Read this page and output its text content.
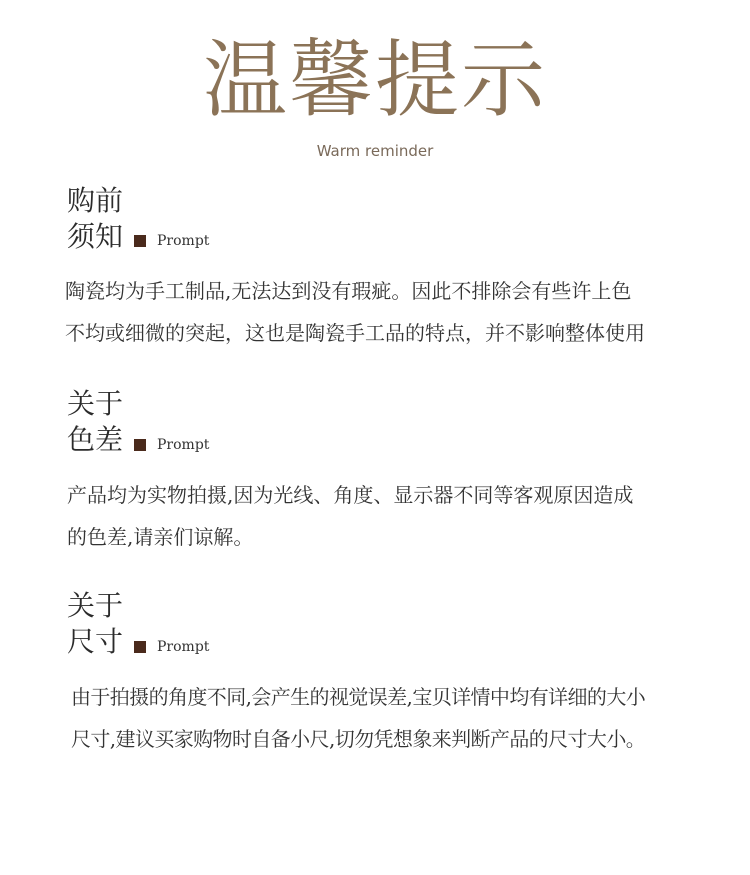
温馨提示
Warm reminder
购前
须知 Prompt
陶瓷均为手工制品,无法达到没有瑕疵。因此不排除会有些许上色
不均或细微的突起，这也是陶瓷手工品的特点，并不影响整体使用
关于
色差 Prompt
产品均为实物拍摄,因为光线、角度、显示器不同等客观原因造成
的色差,请亲们谅解。
关于
尺寸 Prompt
由于拍摄的角度不同,会产生的视觉误差,宝贝详情中均有详细的大小
尺寸,建议买家购物时自备小尺,切勿凭想象来判断产品的尺寸大小。
